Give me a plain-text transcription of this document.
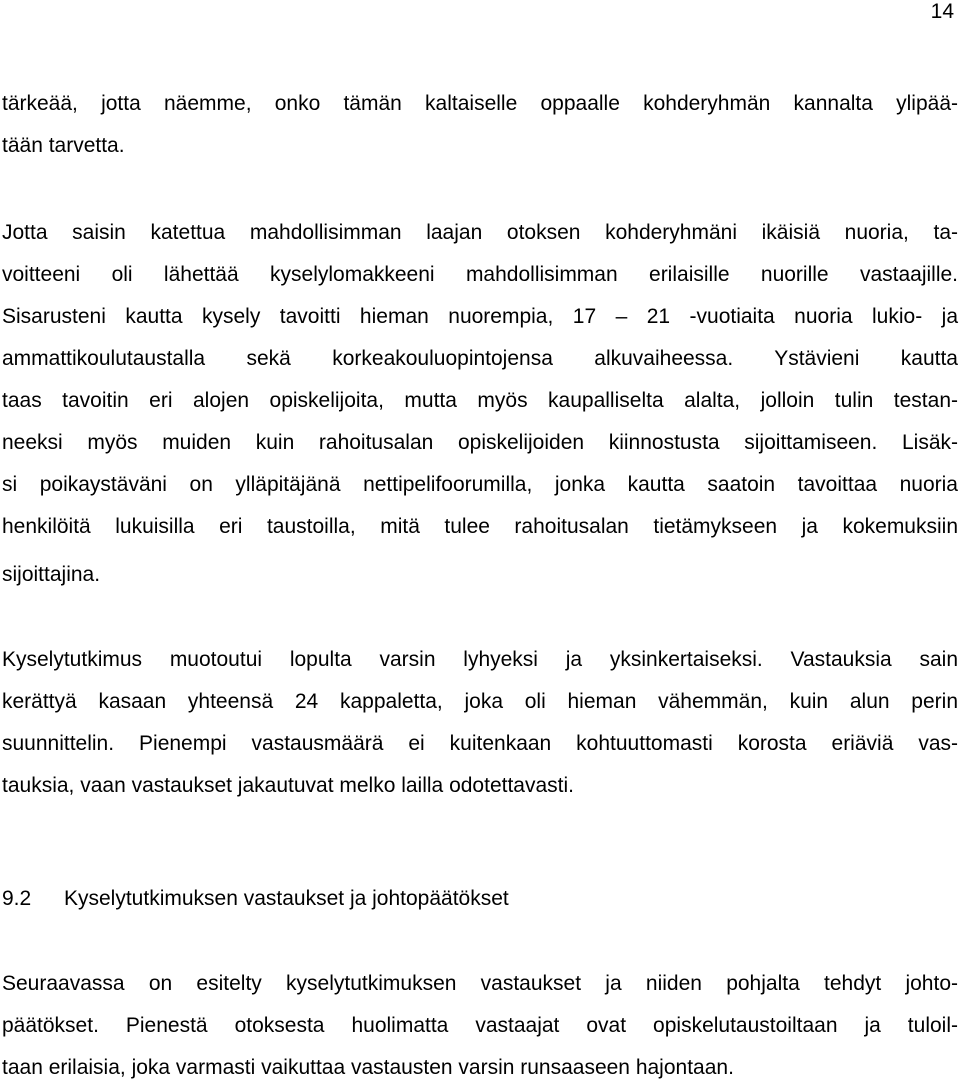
14
tärkeää, jotta näemme, onko tämän kaltaiselle oppaalle kohderyhmän kannalta ylipää-
tään tarvetta.
Jotta saisin katettua mahdollisimman laajan otoksen kohderyhmäni ikäisiä nuoria, ta-
voitteeni oli lähettää kyselylomakkeeni mahdollisimman erilaisille nuorille vastaajille.
Sisarusteni kautta kysely tavoitti hieman nuorempia, 17 – 21 -vuotiaita nuoria lukio- ja
ammattikoulutaustalla sekä korkeakouluopintojensa alkuvaiheessa. Ystävieni kautta
taas tavoitin eri alojen opiskelijoita, mutta myös kaupalliselta alalta, jolloin tulin testan-
neeksi myös muiden kuin rahoitusalan opiskelijoiden kiinnostusta sijoittamiseen. Lisäk-
si poikaystäväni on ylläpitäjänä nettipelifoorumilla, jonka kautta saatoin tavoittaa nuoria
henkilöitä lukuisilla eri taustoilla, mitä tulee rahoitusalan tietämykseen ja kokemuksiin
sijoittajina.
Kyselytutkimus muotoutui lopulta varsin lyhyeksi ja yksinkertaiseksi. Vastauksia sain
kerättyä kasaan yhteensä 24 kappaletta, joka oli hieman vähemmän, kuin alun perin
suunnittelin. Pienempi vastausmäärä ei kuitenkaan kohtuuttomasti korosta eriäviä vas-
tauksia, vaan vastaukset jakautuvat melko lailla odotettavasti.
9.2 Kyselytutkimuksen vastaukset ja johtopäätökset
Seuraavassa on esitelty kyselytutkimuksen vastaukset ja niiden pohjalta tehdyt johto-
päätökset. Pienestä otoksesta huolimatta vastaajat ovat opiskelutaustoiltaan ja tuloil-
taan erilaisia, joka varmasti vaikuttaa vastausten varsin runsaaseen hajontaan.
